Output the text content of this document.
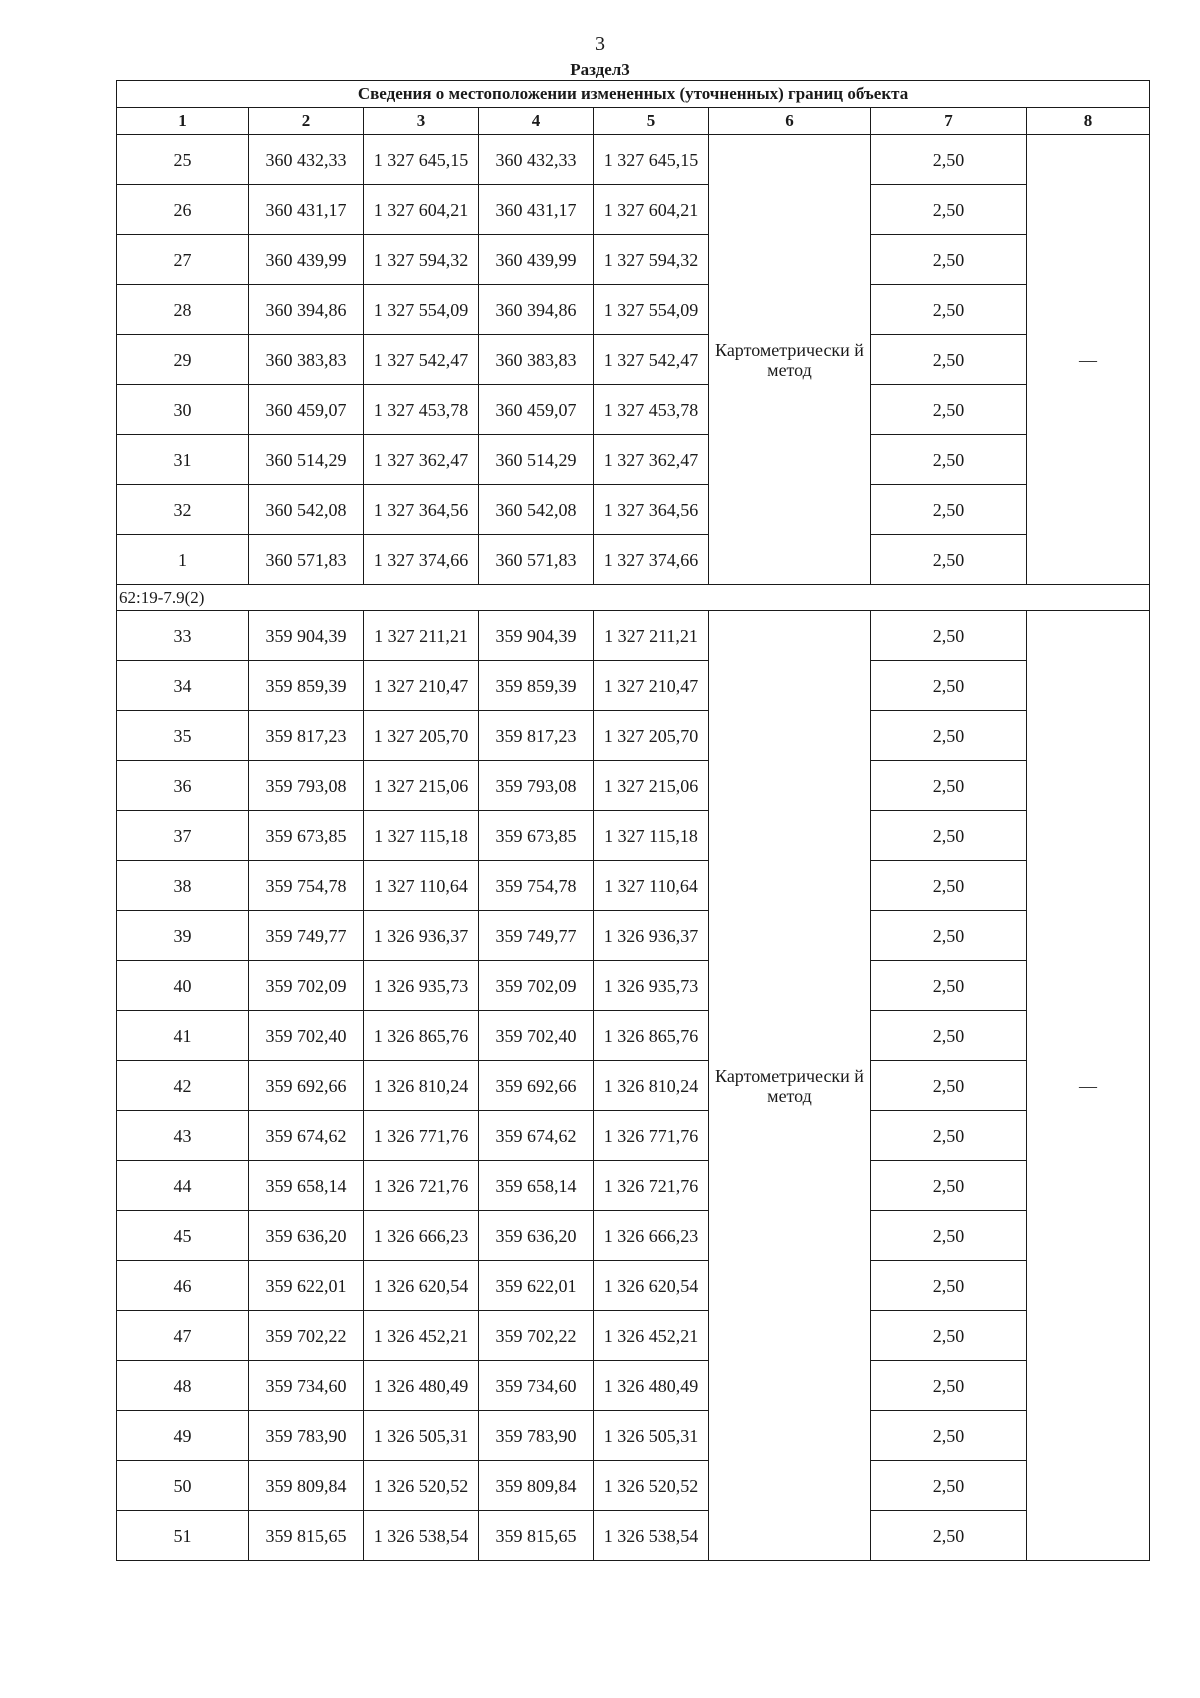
3
Раздел3
Сведения о местоположении измененных (уточненных) границ объекта							
1	2	3	4	5	6	7	8
25	360 432,33	1 327 645,15	360 432,33	1 327 645,15	Картометрически й метод	2,50	—
26	360 431,17	1 327 604,21	360 431,17	1 327 604,21		2,50	
27	360 439,99	1 327 594,32	360 439,99	1 327 594,32		2,50	
28	360 394,86	1 327 554,09	360 394,86	1 327 554,09		2,50	
29	360 383,83	1 327 542,47	360 383,83	1 327 542,47		2,50	
30	360 459,07	1 327 453,78	360 459,07	1 327 453,78		2,50	
31	360 514,29	1 327 362,47	360 514,29	1 327 362,47		2,50	
32	360 542,08	1 327 364,56	360 542,08	1 327 364,56		2,50	
1	360 571,83	1 327 374,66	360 571,83	1 327 374,66		2,50	
62:19-7.9(2)							
33	359 904,39	1 327 211,21	359 904,39	1 327 211,21	Картометрически й метод	2,50	—
34	359 859,39	1 327 210,47	359 859,39	1 327 210,47		2,50	
35	359 817,23	1 327 205,70	359 817,23	1 327 205,70		2,50	
36	359 793,08	1 327 215,06	359 793,08	1 327 215,06		2,50	
37	359 673,85	1 327 115,18	359 673,85	1 327 115,18		2,50	
38	359 754,78	1 327 110,64	359 754,78	1 327 110,64		2,50	
39	359 749,77	1 326 936,37	359 749,77	1 326 936,37		2,50	
40	359 702,09	1 326 935,73	359 702,09	1 326 935,73		2,50	
41	359 702,40	1 326 865,76	359 702,40	1 326 865,76		2,50	
42	359 692,66	1 326 810,24	359 692,66	1 326 810,24		2,50	
43	359 674,62	1 326 771,76	359 674,62	1 326 771,76		2,50	
44	359 658,14	1 326 721,76	359 658,14	1 326 721,76		2,50	
45	359 636,20	1 326 666,23	359 636,20	1 326 666,23		2,50	
46	359 622,01	1 326 620,54	359 622,01	1 326 620,54		2,50	
47	359 702,22	1 326 452,21	359 702,22	1 326 452,21		2,50	
48	359 734,60	1 326 480,49	359 734,60	1 326 480,49		2,50	
49	359 783,90	1 326 505,31	359 783,90	1 326 505,31		2,50	
50	359 809,84	1 326 520,52	359 809,84	1 326 520,52		2,50	
51	359 815,65	1 326 538,54	359 815,65	1 326 538,54		2,50	
